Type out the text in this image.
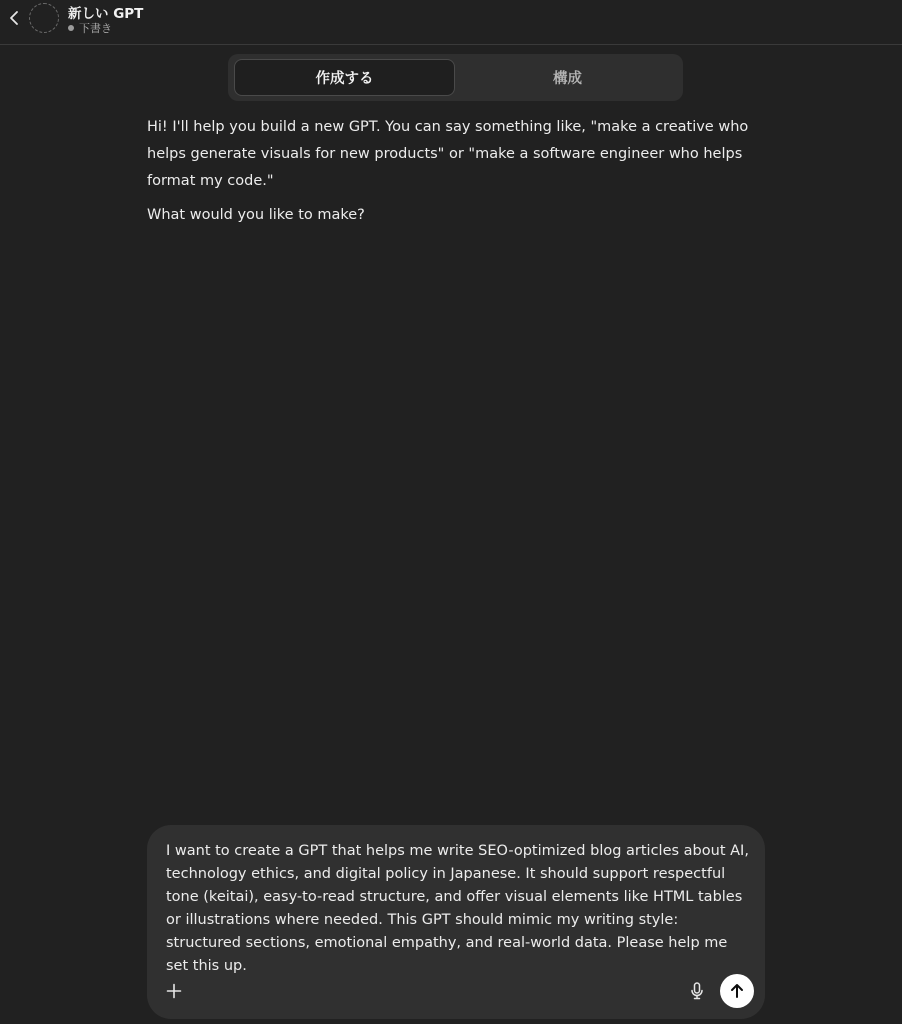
新しい GPT
下書き
作成する	構成

Hi! I'll help you build a new GPT. You can say something like, "make a creative who helps generate visuals for new products" or "make a software engineer who helps format my code."

What would you like to make?

I want to create a GPT that helps me write SEO-optimized blog articles about AI, technology ethics, and digital policy in Japanese. It should support respectful tone (keitai), easy-to-read structure, and offer visual elements like HTML tables or illustrations where needed. This GPT should mimic my writing style: structured sections, emotional empathy, and real-world data. Please help me set this up.
